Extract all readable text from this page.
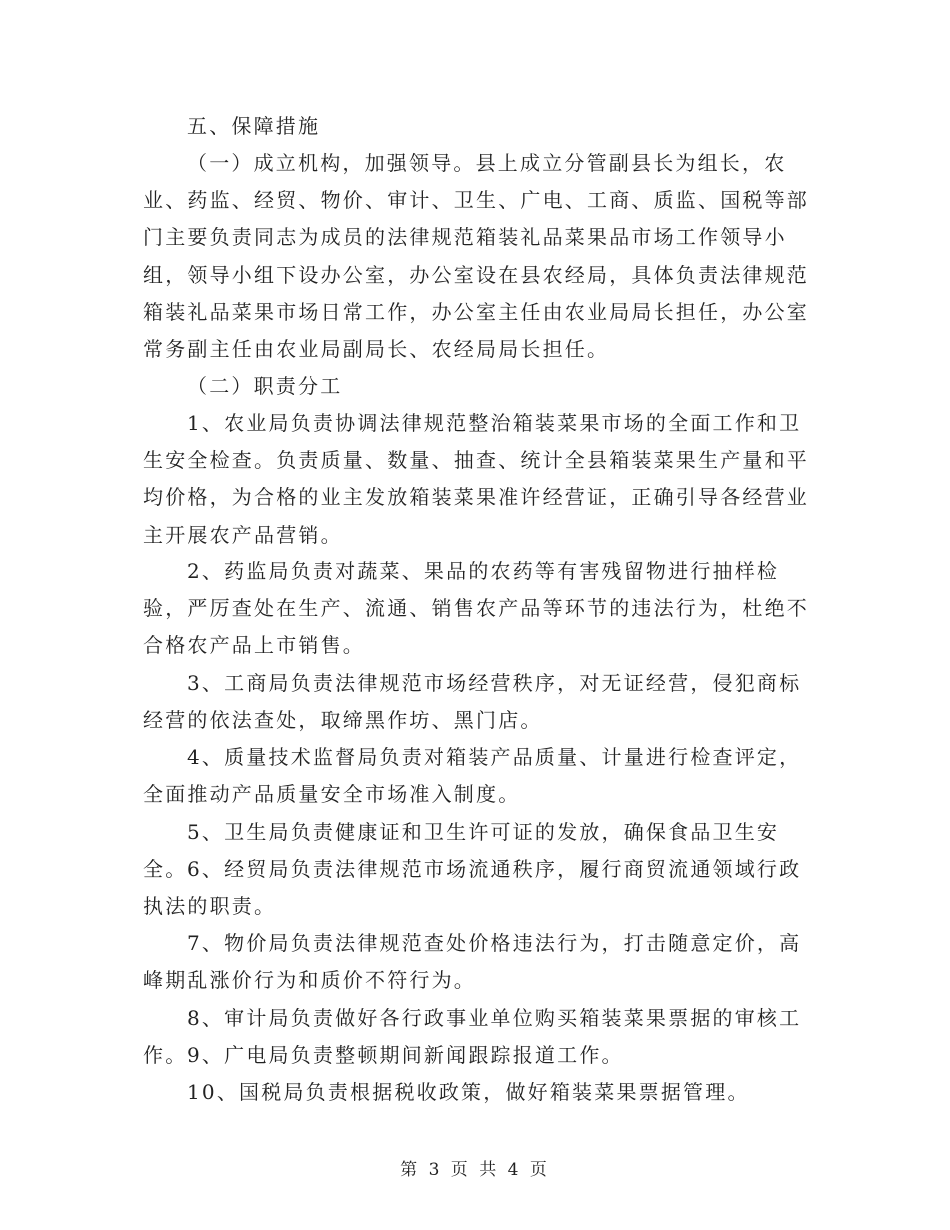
五、保障措施

（一）成立机构，加强领导。县上成立分管副县长为组长，农业、药监、经贸、物价、审计、卫生、广电、工商、质监、国税等部门主要负责同志为成员的法律规范箱装礼品菜果品市场工作领导小组，领导小组下设办公室，办公室设在县农经局，具体负责法律规范箱装礼品菜果市场日常工作，办公室主任由农业局局长担任，办公室常务副主任由农业局副局长、农经局局长担任。

（二）职责分工

1、农业局负责协调法律规范整治箱装菜果市场的全面工作和卫生安全检查。负责质量、数量、抽查、统计全县箱装菜果生产量和平均价格，为合格的业主发放箱装菜果准许经营证，正确引导各经营业主开展农产品营销。

2、药监局负责对蔬菜、果品的农药等有害残留物进行抽样检验，严厉查处在生产、流通、销售农产品等环节的违法行为，杜绝不合格农产品上市销售。

3、工商局负责法律规范市场经营秩序，对无证经营，侵犯商标经营的依法查处，取缔黑作坊、黑门店。

4、质量技术监督局负责对箱装产品质量、计量进行检查评定，全面推动产品质量安全市场准入制度。

5、卫生局负责健康证和卫生许可证的发放，确保食品卫生安全。 6、经贸局负责法律规范市场流通秩序，履行商贸流通领域行政执法的职责。

7、物价局负责法律规范查处价格违法行为，打击随意定价，高峰期乱涨价行为和质价不符行为。

8、审计局负责做好各行政事业单位购买箱装菜果票据的审核工作。 9、广电局负责整顿期间新闻跟踪报道工作。

10、国税局负责根据税收政策，做好箱装菜果票据管理。

第 3 页 共 4 页
